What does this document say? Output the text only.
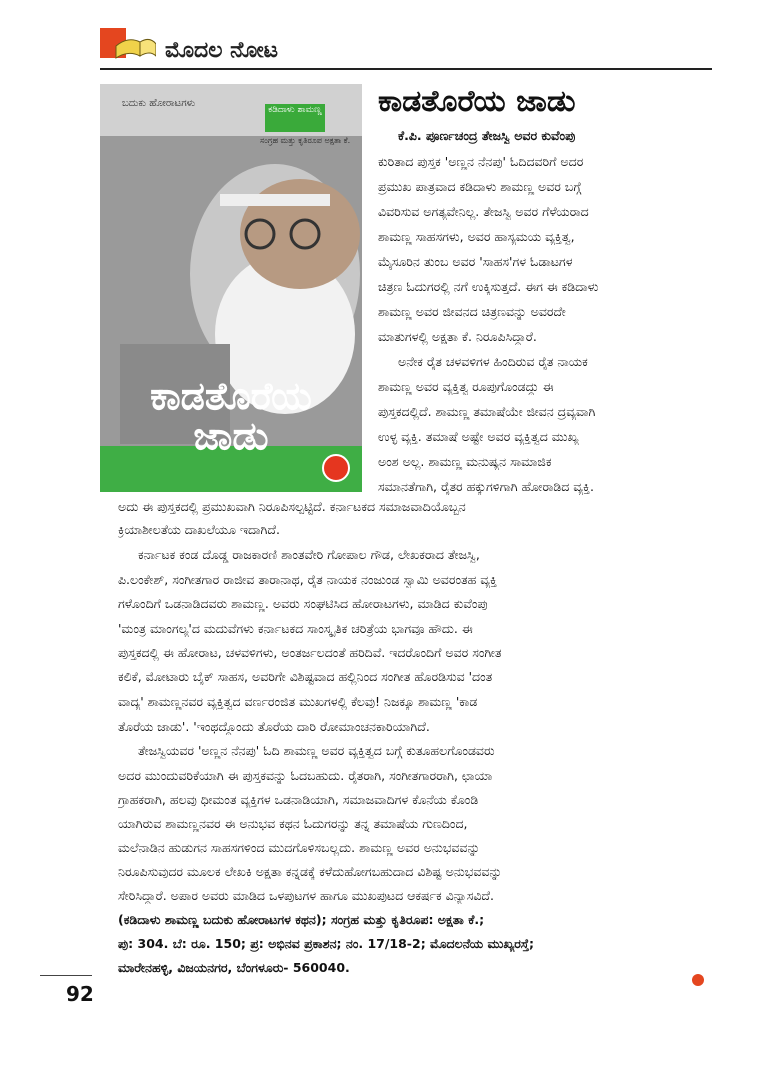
ಮೊದಲ ನೋಟ
ಬದುಕು ಹೋರಾಟಗಳು
ಕಡಿದಾಳು ಶಾಮಣ್ಣ
ಸಂಗ್ರಹ ಮತ್ತು ಕೃತಿರೂಪ ಅಕ್ಷತಾ ಕೆ.
ಕಾಡತೊರೆಯ
ಜಾಡು
ಕಾಡತೊರೆಯ ಜಾಡು
ಕೆ.ಪಿ. ಪೂರ್ಣಚಂದ್ರ ತೇಜಸ್ವಿ ಅವರ ಕುವೆಂಪು
ಕುರಿತಾದ ಪುಸ್ತಕ 'ಅಣ್ಣನ ನೆನಪು' ಓದಿದವರಿಗೆ ಅದರ
ಪ್ರಮುಖ ಪಾತ್ರವಾದ ಕಡಿದಾಳು ಶಾಮಣ್ಣ ಅವರ ಬಗ್ಗೆ
ವಿವರಿಸುವ ಅಗತ್ಯವೇನಿಲ್ಲ. ತೇಜಸ್ವಿ ಅವರ ಗೆಳೆಯರಾದ
ಶಾಮಣ್ಣ ಸಾಹಸಗಳು, ಅವರ ಹಾಸ್ಯಮಯ ವ್ಯಕ್ತಿತ್ವ,
ಮೈಸೂರಿನ ತುಂಬ ಅವರ 'ಸಾಹಸ'ಗಳ ಓಡಾಟಗಳ
ಚಿತ್ರಣ ಓದುಗರಲ್ಲಿ ನಗೆ ಉಕ್ಕಿಸುತ್ತದೆ. ಈಗ ಈ ಕಡಿದಾಳು
ಶಾಮಣ್ಣ ಅವರ ಜೀವನದ ಚಿತ್ರಣವನ್ನು ಅವರದೇ
ಮಾತುಗಳಲ್ಲಿ ಅಕ್ಷತಾ ಕೆ. ನಿರೂಪಿಸಿದ್ದಾರೆ.
ಅನೇಕ ರೈತ ಚಳವಳಿಗಳ ಹಿಂದಿರುವ ರೈತ ನಾಯಕ
ಶಾಮಣ್ಣ ಅವರ ವ್ಯಕ್ತಿತ್ವ ರೂಪುಗೊಂಡದ್ದು ಈ
ಪುಸ್ತಕದಲ್ಲಿದೆ. ಶಾಮಣ್ಣ ತಮಾಷೆಯೇ ಜೀವನ ದ್ರವ್ಯವಾಗಿ
ಉಳ್ಳ ವ್ಯಕ್ತಿ. ತಮಾಷೆ ಅಷ್ಟೇ ಅವರ ವ್ಯಕ್ತಿತ್ವದ ಮುಖ್ಯ
ಅಂಶ ಅಲ್ಲ. ಶಾಮಣ್ಣ ಮನುಷ್ಯನ ಸಾಮಾಜಿಕ
ಸಮಾನತೆಗಾಗಿ, ರೈತರ ಹಕ್ಕುಗಳಿಗಾಗಿ ಹೋರಾಡಿದ ವ್ಯಕ್ತಿ.
ಅದು ಈ ಪುಸ್ತಕದಲ್ಲಿ ಪ್ರಮುಖವಾಗಿ ನಿರೂಪಿಸಲ್ಪಟ್ಟಿದೆ. ಕರ್ನಾಟಕದ ಸಮಾಜವಾದಿಯೊಬ್ಬನ
ಕ್ರಿಯಾಶೀಲತೆಯ ದಾಖಲೆಯೂ ಇದಾಗಿದೆ.
ಕರ್ನಾಟಕ ಕಂಡ ದೊಡ್ಡ ರಾಜಕಾರಣಿ ಶಾಂತವೇರಿ ಗೋಪಾಲ ಗೌಡ, ಲೇಖಕರಾದ ತೇಜಸ್ವಿ,
ಪಿ.ಲಂಕೇಶ್, ಸಂಗೀತಗಾರ ರಾಜೀವ ತಾರಾನಾಥ, ರೈತ ನಾಯಕ ನಂಜುಂಡ ಸ್ವಾಮಿ ಅವರಂತಹ ವ್ಯಕ್ತಿ
ಗಳೊಂದಿಗೆ ಒಡನಾಡಿದವರು ಶಾಮಣ್ಣ. ಅವರು ಸಂಘಟಿಸಿದ ಹೋರಾಟಗಳು, ಮಾಡಿದ ಕುವೆಂಪು
'ಮಂತ್ರ ಮಾಂಗಲ್ಯ'ದ ಮದುವೆಗಳು ಕರ್ನಾಟಕದ ಸಾಂಸ್ಕೃತಿಕ ಚರಿತ್ರೆಯ ಭಾಗವೂ ಹೌದು. ಈ
ಪುಸ್ತಕದಲ್ಲಿ ಈ ಹೋರಾಟ, ಚಳವಳಿಗಳು, ಅಂತರ್ಜಲದಂತೆ ಹರಿದಿವೆ. ಇದರೊಂದಿಗೆ ಅವರ ಸಂಗೀತ
ಕಲಿಕೆ, ಮೋಟಾರು ಬೈಕ್ ಸಾಹಸ, ಅವರಿಗೇ ವಿಶಿಷ್ಟವಾದ ಹಲ್ಲಿನಿಂದ ಸಂಗೀತ ಹೊರಡಿಸುವ 'ದಂತ
ವಾದ್ಯ' ಶಾಮಣ್ಣನವರ ವ್ಯಕ್ತಿತ್ವದ ವರ್ಣರಂಜಿತ ಮುಖಗಳಲ್ಲಿ ಕೆಲವು! ನಿಜಕ್ಕೂ ಶಾಮಣ್ಣ 'ಕಾಡ
ತೊರೆಯ ಜಾಡು'. 'ಇಂಥದ್ದೊಂದು ತೊರೆಯ ದಾರಿ ರೋಮಾಂಚನಕಾರಿಯಾಗಿದೆ.
ತೇಜಸ್ವಿಯವರ 'ಅಣ್ಣನ ನೆನಪು' ಓದಿ ಶಾಮಣ್ಣ ಅವರ ವ್ಯಕ್ತಿತ್ವದ ಬಗ್ಗೆ ಕುತೂಹಲಗೊಂಡವರು
ಅದರ ಮುಂದುವರಿಕೆಯಾಗಿ ಈ ಪುಸ್ತಕವನ್ನು ಓದಬಹುದು. ರೈತರಾಗಿ, ಸಂಗೀತಗಾರರಾಗಿ, ಛಾಯಾ
ಗ್ರಾಹಕರಾಗಿ, ಹಲವು ಧೀಮಂತ ವ್ಯಕ್ತಿಗಳ ಒಡನಾಡಿಯಾಗಿ, ಸಮಾಜವಾದಿಗಳ ಕೊನೆಯ ಕೊಂಡಿ
ಯಾಗಿರುವ ಶಾಮಣ್ಣನವರ ಈ ಅನುಭವ ಕಥನ ಓದುಗರನ್ನು ತನ್ನ ತಮಾಷೆಯ ಗುಣದಿಂದ,
ಮಲೆನಾಡಿನ ಹುಡುಗನ ಸಾಹಸಗಳಿಂದ ಮುದಗೊಳಿಸಬಲ್ಲದು. ಶಾಮಣ್ಣ ಅವರ ಅನುಭವವನ್ನು
ನಿರೂಪಿಸುವುದರ ಮೂಲಕ ಲೇಖಕಿ ಅಕ್ಷತಾ ಕನ್ನಡಕ್ಕೆ ಕಳೆದುಹೋಗಬಹುದಾದ ವಿಶಿಷ್ಟ ಅನುಭವವನ್ನು
ಸೇರಿಸಿದ್ದಾರೆ. ಅಪಾರ ಅವರು ಮಾಡಿದ ಒಳಪುಟಗಳ ಹಾಗೂ ಮುಖಪುಟದ ಆಕರ್ಷಕ ವಿನ್ಯಾಸವಿದೆ.
(ಕಡಿದಾಳು ಶಾಮಣ್ಣ ಬದುಕು ಹೋರಾಟಗಳ ಕಥನ); ಸಂಗ್ರಹ ಮತ್ತು ಕೃತಿರೂಪ: ಅಕ್ಷತಾ ಕೆ.;
ಪು: 304. ಬೆ: ರೂ. 150; ಪ್ರ: ಅಭಿನವ ಪ್ರಕಾಶನ; ನಂ. 17/18-2; ಮೊದಲನೆಯ ಮುಖ್ಯರಸ್ತೆ;
ಮಾರೇನಹಳ್ಳಿ, ವಿಜಯನಗರ, ಬೆಂಗಳೂರು- 560040.
92
